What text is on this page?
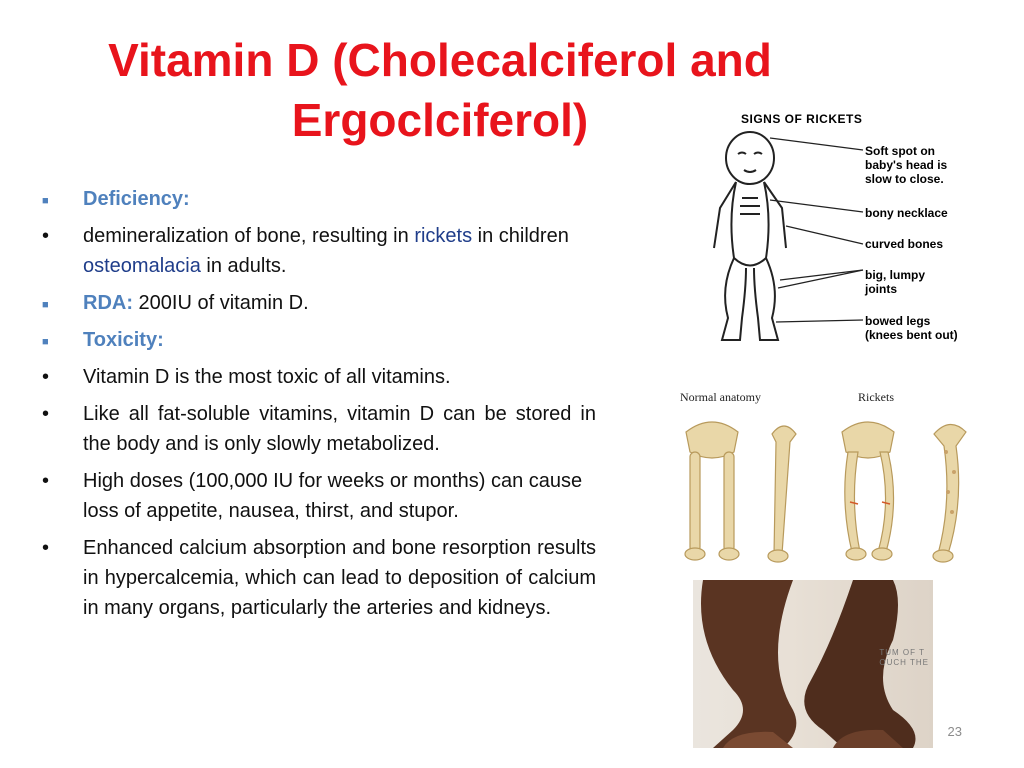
Vitamin D (Cholecalciferol and
Ergoclciferol)
■	Deficiency:
•	demineralization of bone, resulting in rickets in children osteomalacia in adults.
■	RDA: 200IU of vitamin D.
■	Toxicity:
•	Vitamin D is the most toxic of all vitamins.
•	Like all fat-soluble vitamins, vitamin D can be stored in the body and is only slowly metabolized.
•	High doses (100,000 IU for weeks or months) can cause loss of appetite, nausea, thirst, and stupor.
•	Enhanced calcium absorption and bone resorption results in hypercalcemia, which can lead to deposition of calcium in many organs, particularly the arteries and kidneys.
SIGNS OF RICKETS
Soft spot on
baby's head is
slow to close.
bony necklace
curved bones
big, lumpy
joints
bowed legs
(knees bent out)
Normal anatomy	Rickets
TUM OF T
OUCH THE
23
